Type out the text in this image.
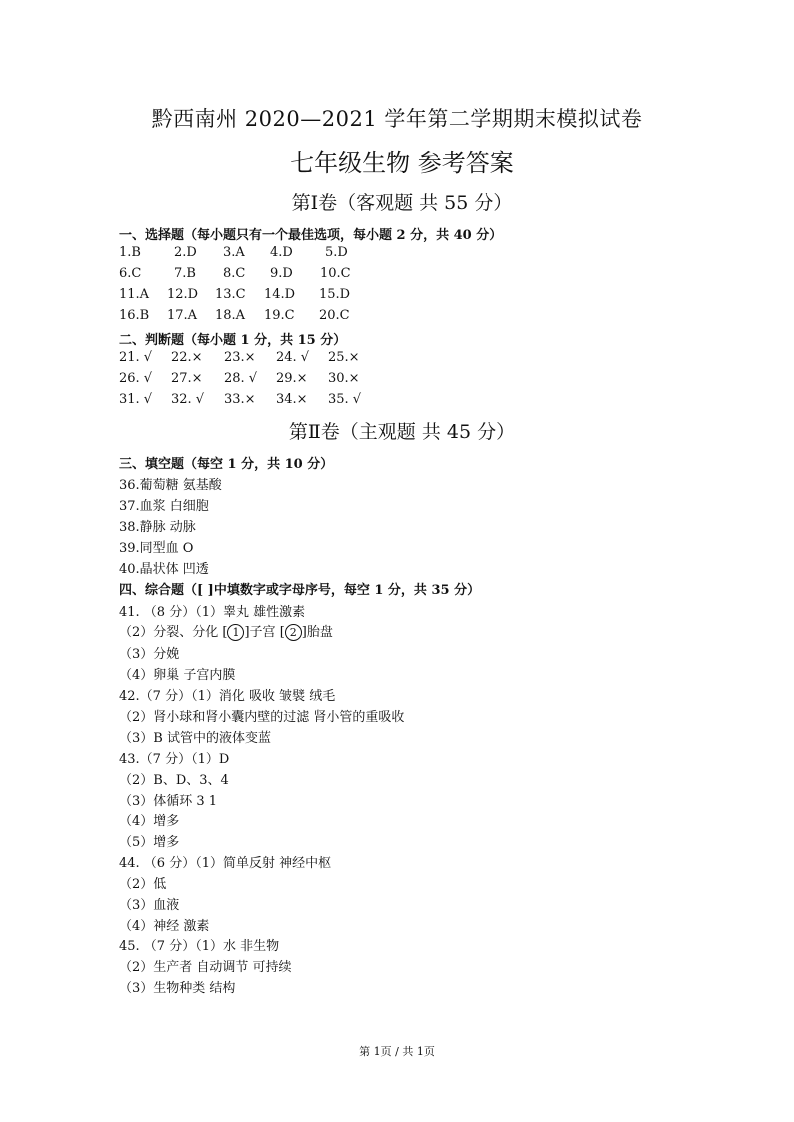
黔西南州 2020—2021 学年第二学期期末模拟试卷
七年级生物 参考答案
第Ⅰ卷（客观题 共 55 分）
一、选择题（每小题只有一个最佳选项，每小题 2 分，共 40 分）
1.B	2.D 3.A 4.D 5.D
6.C	7.B 8.C 9.D 10.C
11.A 12.D 13.C 14.D 15.D
16.B 17.A 18.A 19.C 20.C
二、判断题（每小题 1 分，共 15 分）
21. √ 22.× 23.× 24. √ 25.×
26. √ 27.× 28. √ 29.× 30.×
31. √ 32. √ 33.× 34.× 35. √
第Ⅱ卷（主观题 共 45 分）
三、填空题（每空 1 分，共 10 分）
36.葡萄糖 氨基酸
37.血浆 白细胞
38.静脉 动脉
39.同型血 O
40.晶状体 凹透
四、综合题（[ ]中填数字或字母序号，每空 1 分，共 35 分）
41. （8 分）（1）睾丸 雄性激素
（2）分裂、分化 [ 1 ]子宫 [ 2 ]胎盘
（3）分娩
（4）卵巢 子宫内膜
42.（7 分）（1）消化 吸收 皱襞 绒毛
（2）肾小球和肾小囊内壁的过滤 肾小管的重吸收
（3）B 试管中的液体变蓝
43.（7 分）（1）D
（2）B、D、3、4
（3）体循环 3 1
（4）增多
（5）增多
44. （6 分）（1）简单反射 神经中枢
（2）低
（3）血液
（4）神经 激素
45. （7 分）（1）水 非生物
（2）生产者 自动调节 可持续
（3）生物种类 结构
第 1页 / 共 1页
